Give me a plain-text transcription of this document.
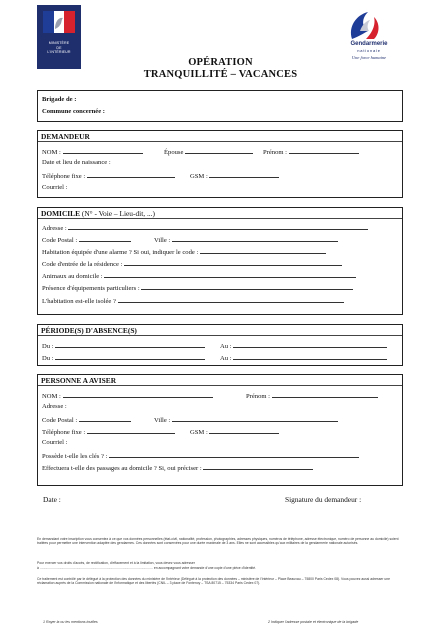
MINISTÈRE
DE
L'INTÉRIEUR
Gendarmerie
nationale
Une force humaine
OPÉRATION
TRANQUILLITÉ – VACANCES
Brigade de :
Commune concernée :
DEMANDEUR
NOM :	Épouse	Prénom :
Date et lieu de naissance :
Téléphone fixe :	GSM :
Courriel :
DOMICILE (N° - Voie – Lieu-dit, ...)
Adresse :
Code Postal :	Ville :
Habitation équipée d'une alarme ? Si oui, indiquer le code :
Code d'entrée de la résidence :
Animaux au domicile :
Présence d'équipements particuliers :
L'habitation est-elle isolée ?
PÉRIODE(S) D'ABSENCE(S)
Du :	Au :
Du :	Au :
PERSONNE A AVISER
NOM :	Prénom :
Adresse :
Code Postal :	Ville :
Téléphone fixe :	GSM :
Courriel :
Possède t-elle les clés ? :
Effectuera t-elle des passages au domicile ? Si, oui préciser :
Date :	Signature du demandeur :
En demandant votre inscription vous consentez à ce que vos données personnelles (état-civil, nationalité, profession, photographies, adresses physiques, numéros de téléphone, adresse électronique, numéro de personne au domicile) soient traitées pour permettre une intervention adaptée des gendarmes. Ces données sont conservées pour une durée maximale de 3 ans. Elles ne sont accessibles qu'aux militaires de la gendarmerie nationale autorisés.
Pour exercer vos droits d'accès, de rectification, d'effacement et à la limitation, vous devez vous adresser
à ........................................................................................................................ en accompagnant votre demande d'une copie d'une pièce d'identité.
Ce traitement est contrôlé par le délégué à la protection des données du ministère de l'Intérieur (Délégué à la protection des données – ministère de l'Intérieur – Place Beauvau – 75800 Paris Cedex 08). Vous pouvez aussi adresser une réclamation auprès de la Commission nationale de l'informatique et des libertés (CNIL – 3 place de Fontenoy – TSA 80715 – 75334 Paris Cedex 07).
1 Rayer la ou les mentions inutiles	2 Indiquer l'adresse postale et électronique de la brigade
